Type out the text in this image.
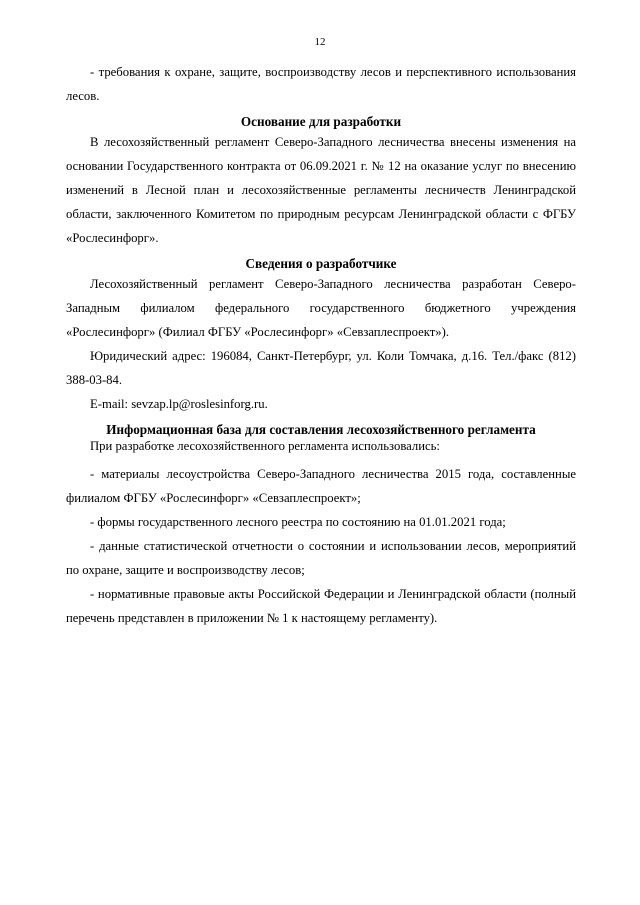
12

- требования к охране, защите, воспроизводству лесов и перспективного использования лесов.

Основание для разработки

В лесохозяйственный регламент Северо-Западного лесничества внесены изменения на основании Государственного контракта от 06.09.2021 г. № 12 на оказание услуг по внесению изменений в Лесной план и лесохозяйственные регламенты лесничеств Ленинградской области, заключенного Комитетом по природным ресурсам Ленинградской области с ФГБУ «Рослесинфорг».

Сведения о разработчике

Лесохозяйственный регламент Северо-Западного лесничества разработан Северо-Западным филиалом федерального государственного бюджетного учреждения «Рослесинфорг» (Филиал ФГБУ «Рослесинфорг» «Севзаплеспроект»).

Юридический адрес: 196084, Санкт-Петербург, ул. Коли Томчака, д.16. Тел./факс (812) 388-03-84.

E-mail: sevzap.lp@roslesinforg.ru.

Информационная база для составления лесохозяйственного регламента

При разработке лесохозяйственного регламента использовались:

- материалы лесоустройства Северо-Западного лесничества 2015 года, составленные филиалом ФГБУ «Рослесинфорг» «Севзаплеспроект»;

- формы государственного лесного реестра по состоянию на 01.01.2021 года;

- данные статистической отчетности о состоянии и использовании лесов, мероприятий по охране, защите и воспроизводству лесов;

- нормативные правовые акты Российской Федерации и Ленинградской области (полный перечень представлен в приложении № 1 к настоящему регламенту).
